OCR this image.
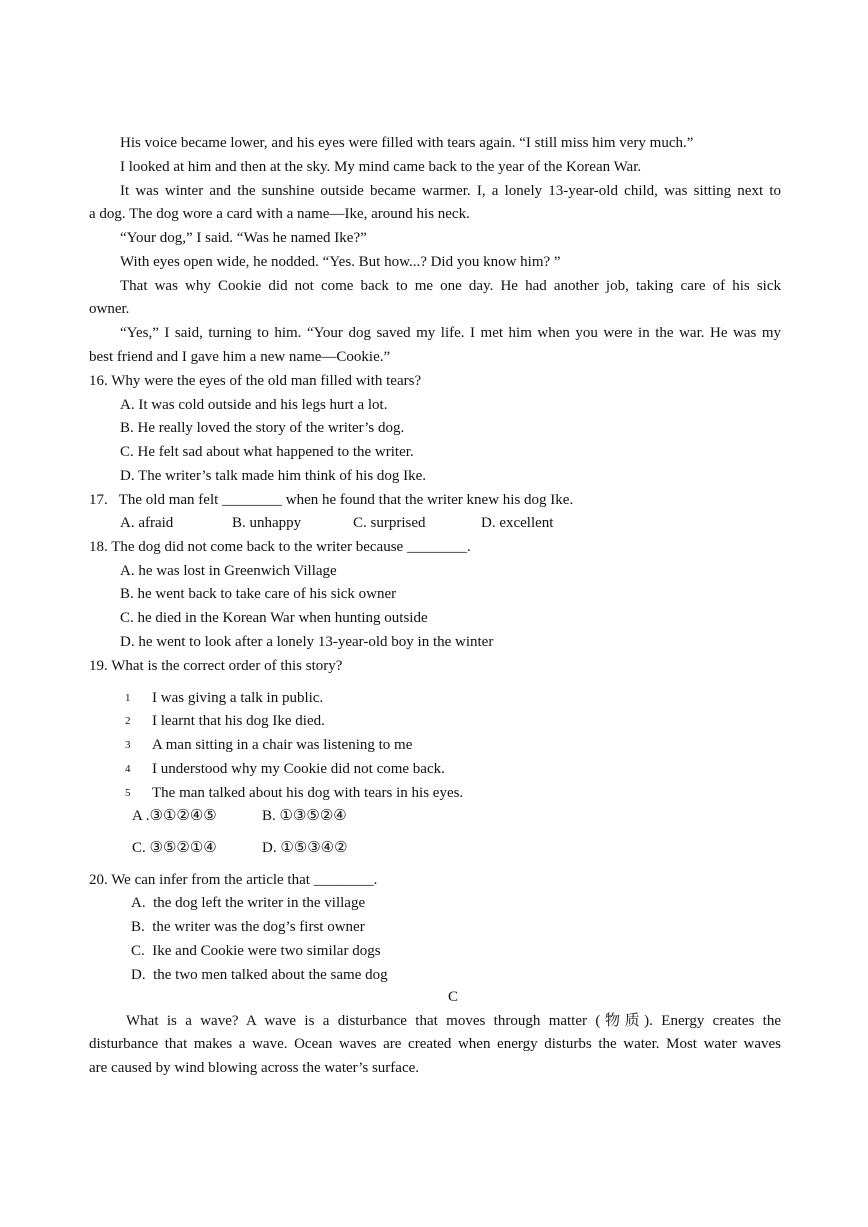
His voice became lower, and his eyes were filled with tears again. “I still miss him very much.”
I looked at him and then at the sky. My mind came back to the year of the Korean War.
It was winter and the sunshine outside became warmer. I, a lonely 13-year-old child, was sitting next to
a dog. The dog wore a card with a name—Ike, around his neck.
“Your dog,” I said. “Was he named Ike?”
With eyes open wide, he nodded. “Yes. But how...? Did you know him? ”
That was why Cookie did not come back to me one day. He had another job, taking care of his sick
owner.
“Yes,” I said, turning to him. “Your dog saved my life. I met him when you were in the war. He was my
best friend and I gave him a new name—Cookie.”
16. Why were the eyes of the old man filled with tears?
A. It was cold outside and his legs hurt a lot.
B. He really loved the story of the writer’s dog.
C. He felt sad about what happened to the writer.
D. The writer’s talk made him think of his dog Ike.
17.   The old man felt ________ when he found that the writer knew his dog Ike.
A. afraid	B. unhappy	C. surprised	D. excellent
18. The dog did not come back to the writer because ________.
A. he was lost in Greenwich Village
B. he went back to take care of his sick owner
C. he died in the Korean War when hunting outside
D. he went to look after a lonely 13-year-old boy in the winter
19. What is the correct order of this story?
1 I was giving a talk in public.
2 I learnt that his dog Ike died.
3 A man sitting in a chair was listening to me
4 I understood why my Cookie did not come back.
5 The man talked about his dog with tears in his eyes.
A .③①②④⑤	B. ①③⑤②④
C. ③⑤②①④	D. ①⑤③④②
20. We can infer from the article that ________.
A.  the dog left the writer in the village
B.  the writer was the dog’s first owner
C.  Ike and Cookie were two similar dogs
D.  the two men talked about the same dog
C
What is a wave? A wave is a disturbance that moves through matter (物质). Energy creates the
disturbance that makes a wave. Ocean waves are created when energy disturbs the water. Most water waves
are caused by wind blowing across the water’s surface.
